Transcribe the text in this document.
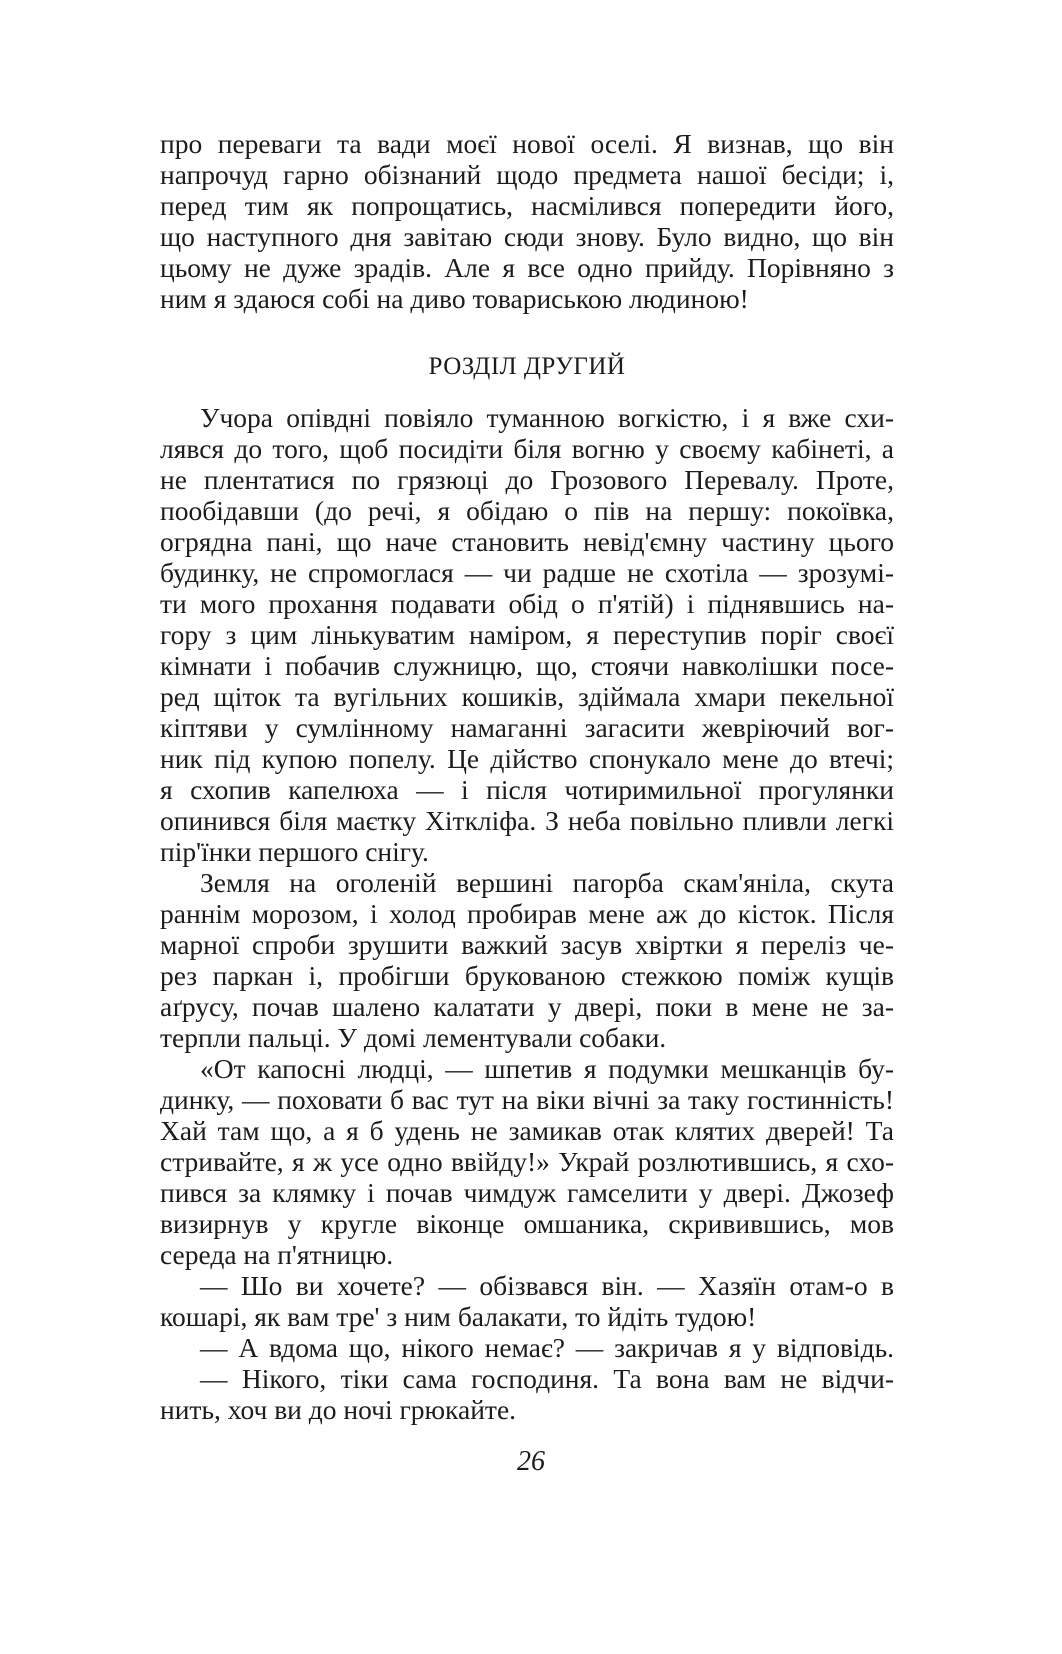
про переваги та вади моєї нової оселі. Я визнав, що він
напрочуд гарно обізнаний щодо предмета нашої бесіди; і,
перед тим як попрощатись, насмілився попередити його,
що наступного дня завітаю сюди знову. Було видно, що він
цьому не дуже зрадів. Але я все одно прийду. Порівняно з
ним я здаюся собі на диво товариською людиною!
РОЗДІЛ ДРУГИЙ
Учора опівдні повіяло туманною вогкістю, і я вже схи-
лявся до того, щоб посидіти біля вогню у своєму кабінеті, а
не плентатися по грязюці до Грозового Перевалу. Проте,
пообідавши (до речі, я обідаю о пів на першу: покоївка,
огрядна пані, що наче становить невід'ємну частину цього
будинку, не спромоглася — чи радше не схотіла — зрозумі-
ти мого прохання подавати обід о п'ятій) і піднявшись на-
гору з цим лінькуватим наміром, я переступив поріг своєї
кімнати і побачив служницю, що, стоячи навколішки посе-
ред щіток та вугільних кошиків, здіймала хмари пекельної
кіптяви у сумлінному намаганні загасити жевріючий вог-
ник під купою попелу. Це дійство спонукало мене до втечі;
я схопив капелюха — і після чотиримильної прогулянки
опинився біля маєтку Хіткліфа. З неба повільно пливли легкі
пір'їнки першого снігу.
Земля на оголеній вершині пагорба скам'яніла, скута
раннім морозом, і холод пробирав мене аж до кісток. Після
марної спроби зрушити важкий засув хвіртки я переліз че-
рез паркан і, пробігши брукованою стежкою поміж кущів
аґрусу, почав шалено калатати у двері, поки в мене не за-
терпли пальці. У домі лементували собаки.
«От капосні людці, — шпетив я подумки мешканців бу-
динку, — поховати б вас тут на віки вічні за таку гостинність!
Хай там що, а я б удень не замикав отак клятих дверей! Та
стривайте, я ж усе одно ввійду!» Украй розлютившись, я схо-
пився за клямку і почав чимдуж гамселити у двері. Джозеф
визирнув у кругле віконце омшаника, скривившись, мов
середа на п'ятницю.
— Шо ви хочете? — обізвався він. — Хазяїн отам-о в
кошарі, як вам тре' з ним балакати, то йдіть тудою!
— А вдома що, нікого немає? — закричав я у відповідь.
— Нікого, тіки сама господиня. Та вона вам не відчи-
нить, хоч ви до ночі грюкайте.
26
